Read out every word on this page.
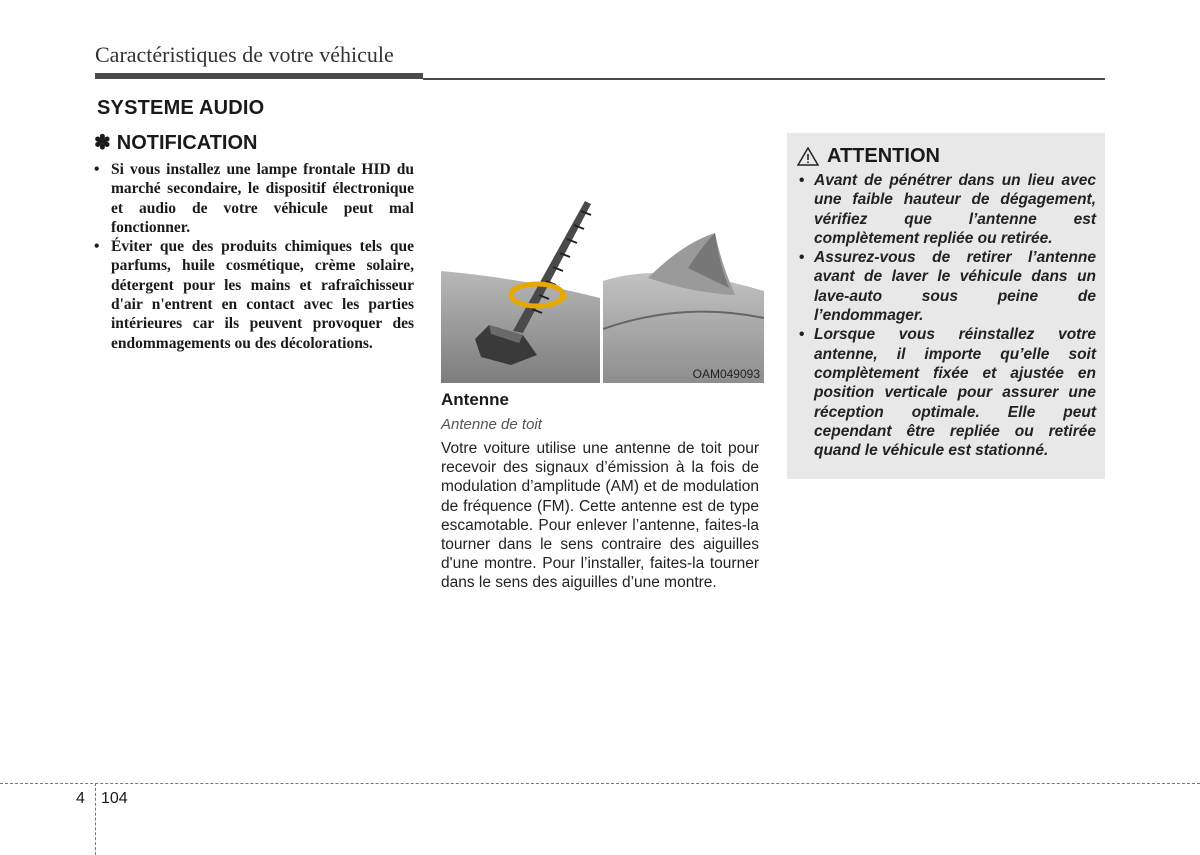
Caractéristiques de votre véhicule
SYSTEME AUDIO
✽ NOTIFICATION
• Si vous installez une lampe frontale HID du marché secondaire, le dispositif électronique et audio de votre véhicule peut mal fonctionner.
• Éviter que des produits chimiques tels que parfums, huile cosmétique, crème solaire, détergent pour les mains et rafraîchisseur d'air n'entrent en contact avec les parties intérieures car ils peuvent provoquer des endommagements ou des décolorations.
OAM049093
Antenne
Antenne de toit

Votre voiture utilise une antenne de toit pour recevoir des signaux d’émission à la fois de modulation d’amplitude (AM) et de modulation de fréquence (FM). Cette antenne est de type escamotable. Pour enlever l’antenne, faites-la tourner dans le sens contraire des aiguilles d'une montre. Pour l’installer, faites-la tourner dans le sens des aiguilles d’une montre.

ATTENTION
• Avant de pénétrer dans un lieu avec une faible hauteur de dégagement, vérifiez que l’antenne est complètement repliée ou retirée.
• Assurez-vous de retirer l’antenne avant de laver le véhicule dans un lave-auto sous peine de l’endommager.
• Lorsque vous réinstallez votre antenne, il importe qu’elle soit complètement fixée et ajustée en position verticale pour assurer une réception optimale. Elle peut cependant être repliée ou retirée quand le véhicule est stationné.
4 104
